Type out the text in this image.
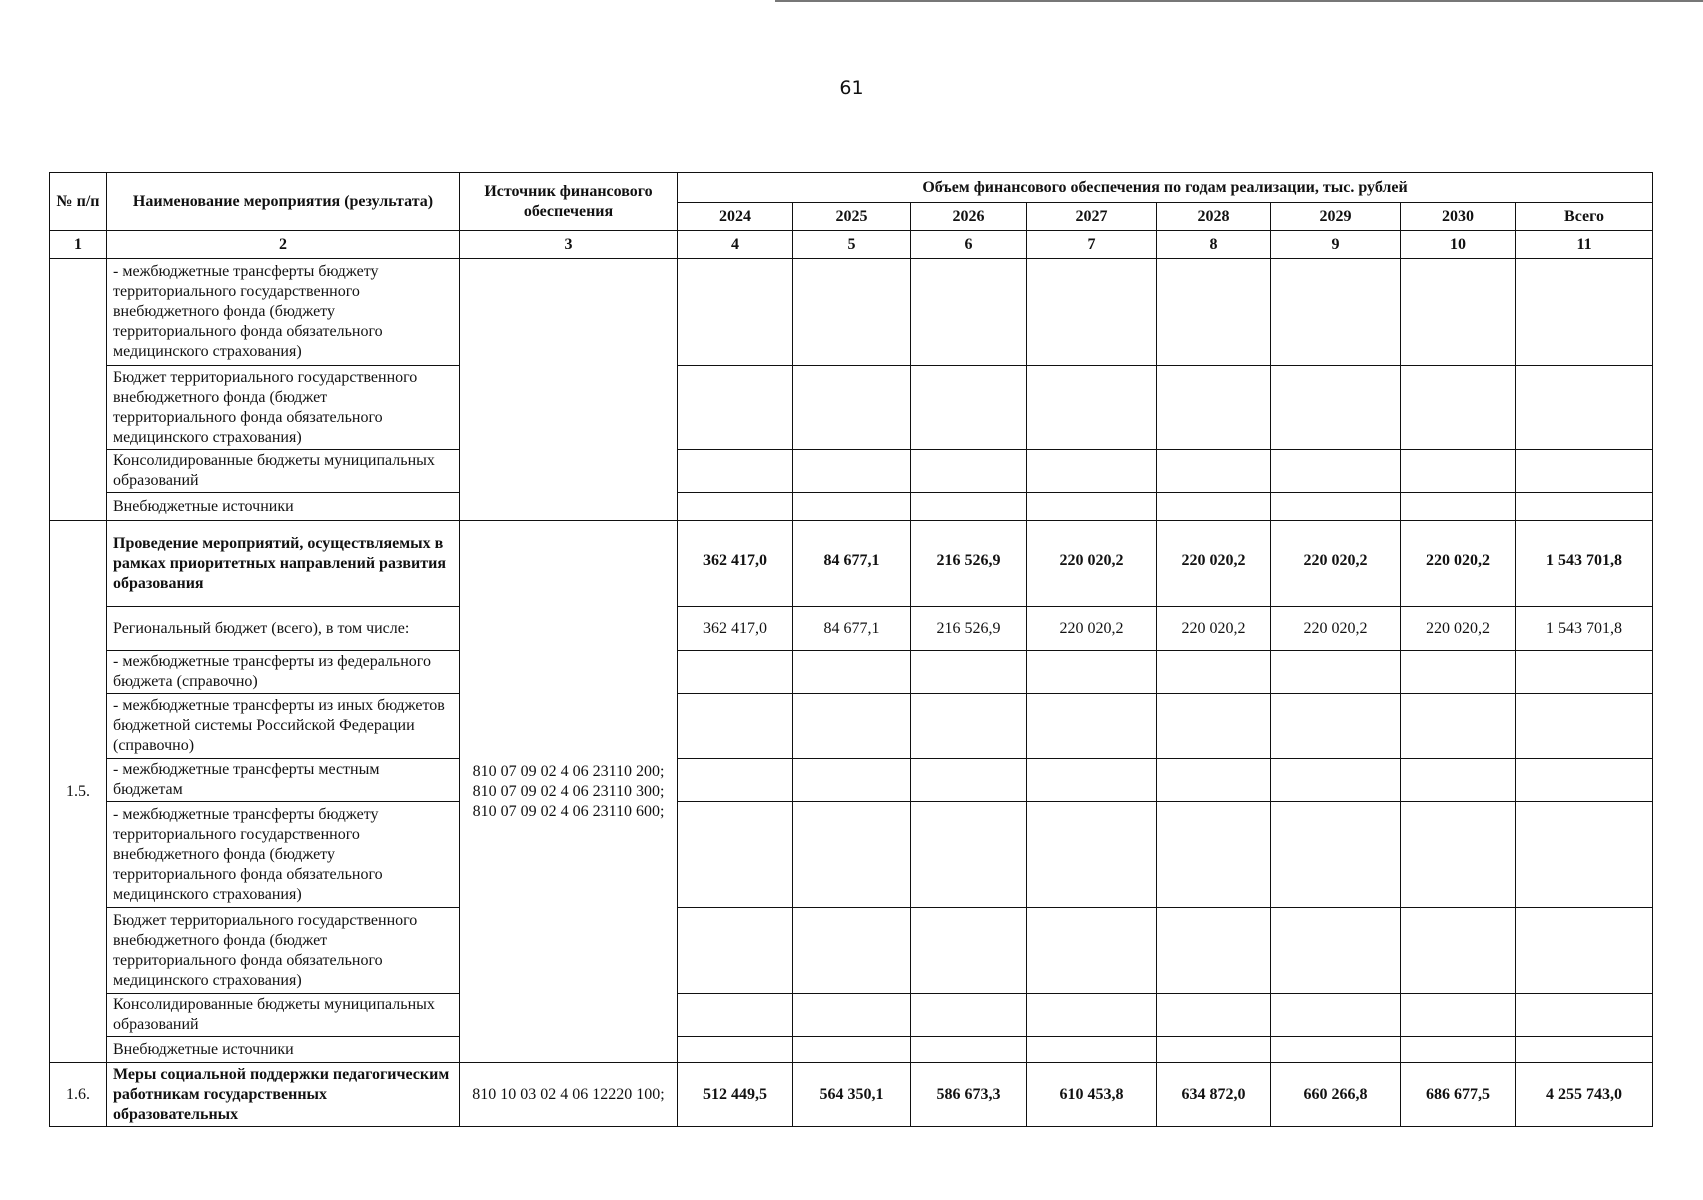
61
№ п/п	Наименование мероприятия (результата)	Источник финансового обеспечения	Объем финансового обеспечения по годам реализации, тыс. рублей							
			2024	2025	2026	2027	2028	2029	2030	Всего
1	2	3	4	5	6	7	8	9	10	11
	- межбюджетные трансферты бюджету территориального государственного внебюджетного фонда (бюджету территориального фонда обязательного медицинского страхования)									
	Бюджет территориального государственного внебюджетного фонда (бюджет территориального фонда обязательного медицинского страхования)									
	Консолидированные бюджеты муниципальных образований									
	Внебюджетные источники									
1.5.	Проведение мероприятий, осуществляемых в рамках приоритетных направлений развития образования	810 07 09 02 4 06 23110 200; 810 07 09 02 4 06 23110 300; 810 07 09 02 4 06 23110 600;	362 417,0	84 677,1	216 526,9	220 020,2	220 020,2	220 020,2	220 020,2	1 543 701,8
	Региональный бюджет (всего), в том числе:		362 417,0	84 677,1	216 526,9	220 020,2	220 020,2	220 020,2	220 020,2	1 543 701,8
	- межбюджетные трансферты из федерального бюджета (справочно)									
	- межбюджетные трансферты из иных бюджетов бюджетной системы Российской Федерации (справочно)									
	- межбюджетные трансферты местным бюджетам									
	- межбюджетные трансферты бюджету территориального государственного внебюджетного фонда (бюджету территориального фонда обязательного медицинского страхования)									
	Бюджет территориального государственного внебюджетного фонда (бюджет территориального фонда обязательного медицинского страхования)									
	Консолидированные бюджеты муниципальных образований									
	Внебюджетные источники									
1.6.	Меры социальной поддержки педагогическим работникам государственных образовательных	810 10 03 02 4 06 12220 100;	512 449,5	564 350,1	586 673,3	610 453,8	634 872,0	660 266,8	686 677,5	4 255 743,0
